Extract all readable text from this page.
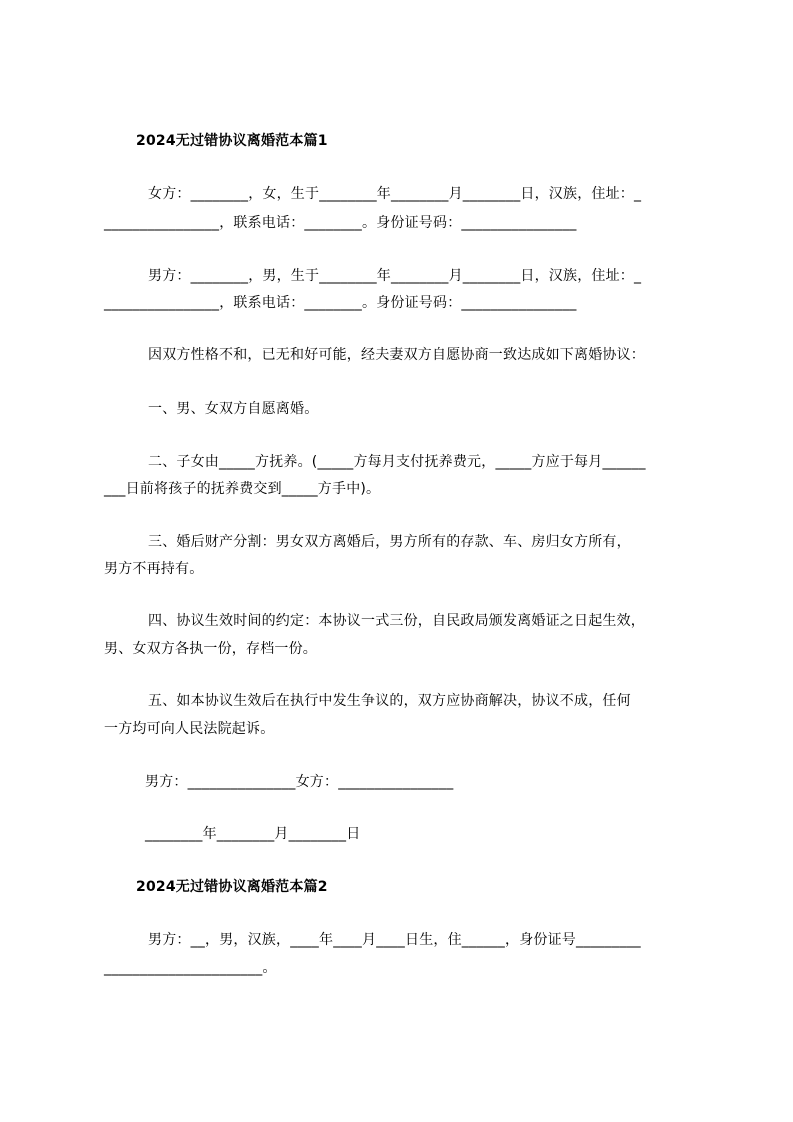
2024无过错协议离婚范本篇1
女方：________，女，生于________年________月________日，汉族，住址：_
________________，联系电话：________。身份证号码：________________
男方：________，男，生于________年________月________日，汉族，住址：_
________________，联系电话：________。身份证号码：________________
因双方性格不和，已无和好可能，经夫妻双方自愿协商一致达成如下离婚协议：
一、男、女双方自愿离婚。
二、子女由_____方抚养。(_____方每月支付抚养费元，_____方应于每月______
___日前将孩子的抚养费交到_____方手中)。
三、婚后财产分割：男女双方离婚后，男方所有的存款、车、房归女方所有，
男方不再持有。
四、协议生效时间的约定：本协议一式三份，自民政局颁发离婚证之日起生效，
男、女双方各执一份，存档一份。
五、如本协议生效后在执行中发生争议的，双方应协商解决，协议不成，任何
一方均可向人民法院起诉。
男方：_______________女方：________________
________年________月________日
2024无过错协议离婚范本篇2
男方：__，男，汉族，____年____月____日生，住______，身份证号_________
______________________。
